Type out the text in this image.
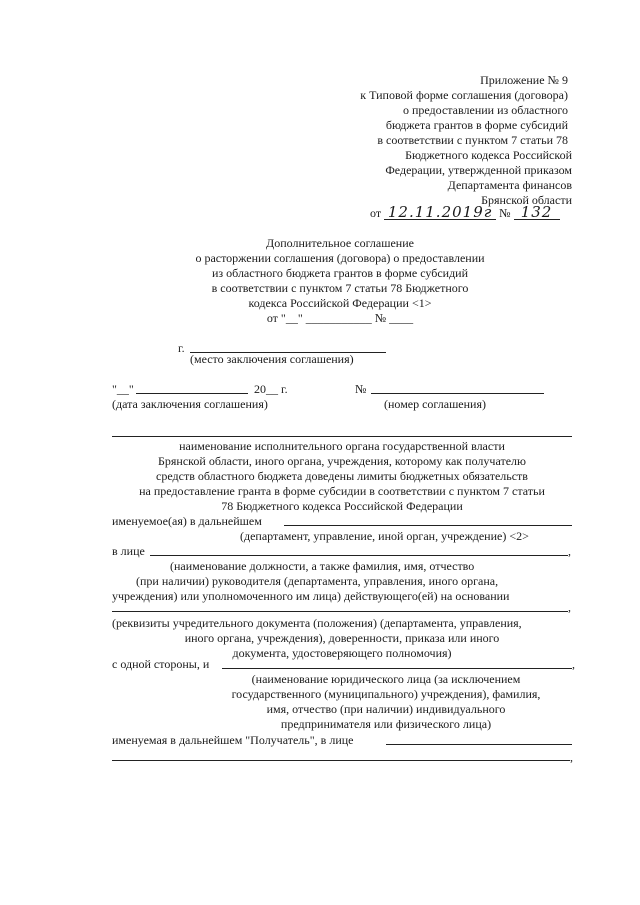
Приложение № 9
к Типовой форме соглашения (договора)
о предоставлении из областного
бюджета грантов в форме субсидий
в соответствии с пунктом 7 статьи 78
Бюджетного кодекса Российской
Федерации, утвержденной приказом
Департамента финансов
Брянской области
от 12.11.2019г № 132
Дополнительное соглашение
о расторжении соглашения (договора) о предоставлении
из областного бюджета грантов в форме субсидий
в соответствии с пунктом 7 статьи 78 Бюджетного
кодекса Российской Федерации <1>
от "__" ___________ № ____
г.
(место заключения соглашения)
"__"	20__ г.	№
(дата заключения соглашения)	(номер соглашения)
наименование исполнительного органа государственной власти
Брянской области, иного органа, учреждения, которому как получателю
средств областного бюджета доведены лимиты бюджетных обязательств
на предоставление гранта в форме субсидии в соответствии с пунктом 7 статьи
78 Бюджетного кодекса Российской Федерации
именуемое(ая) в дальнейшем
(департамент, управление, иной орган, учреждение) <2>
в лице	,
(наименование должности, а также фамилия, имя, отчество
(при наличии) руководителя (департамента, управления, иного органа,
учреждения) или уполномоченного им лица) действующего(ей) на основании
,
(реквизиты учредительного документа (положения) (департамента, управления,
иного органа, учреждения), доверенности, приказа или иного
документа, удостоверяющего полномочия)
с одной стороны, и	,
(наименование юридического лица (за исключением
государственного (муниципального) учреждения), фамилия,
имя, отчество (при наличии) индивидуального
предпринимателя или физического лица)
именуемая в дальнейшем "Получатель", в лице
,
